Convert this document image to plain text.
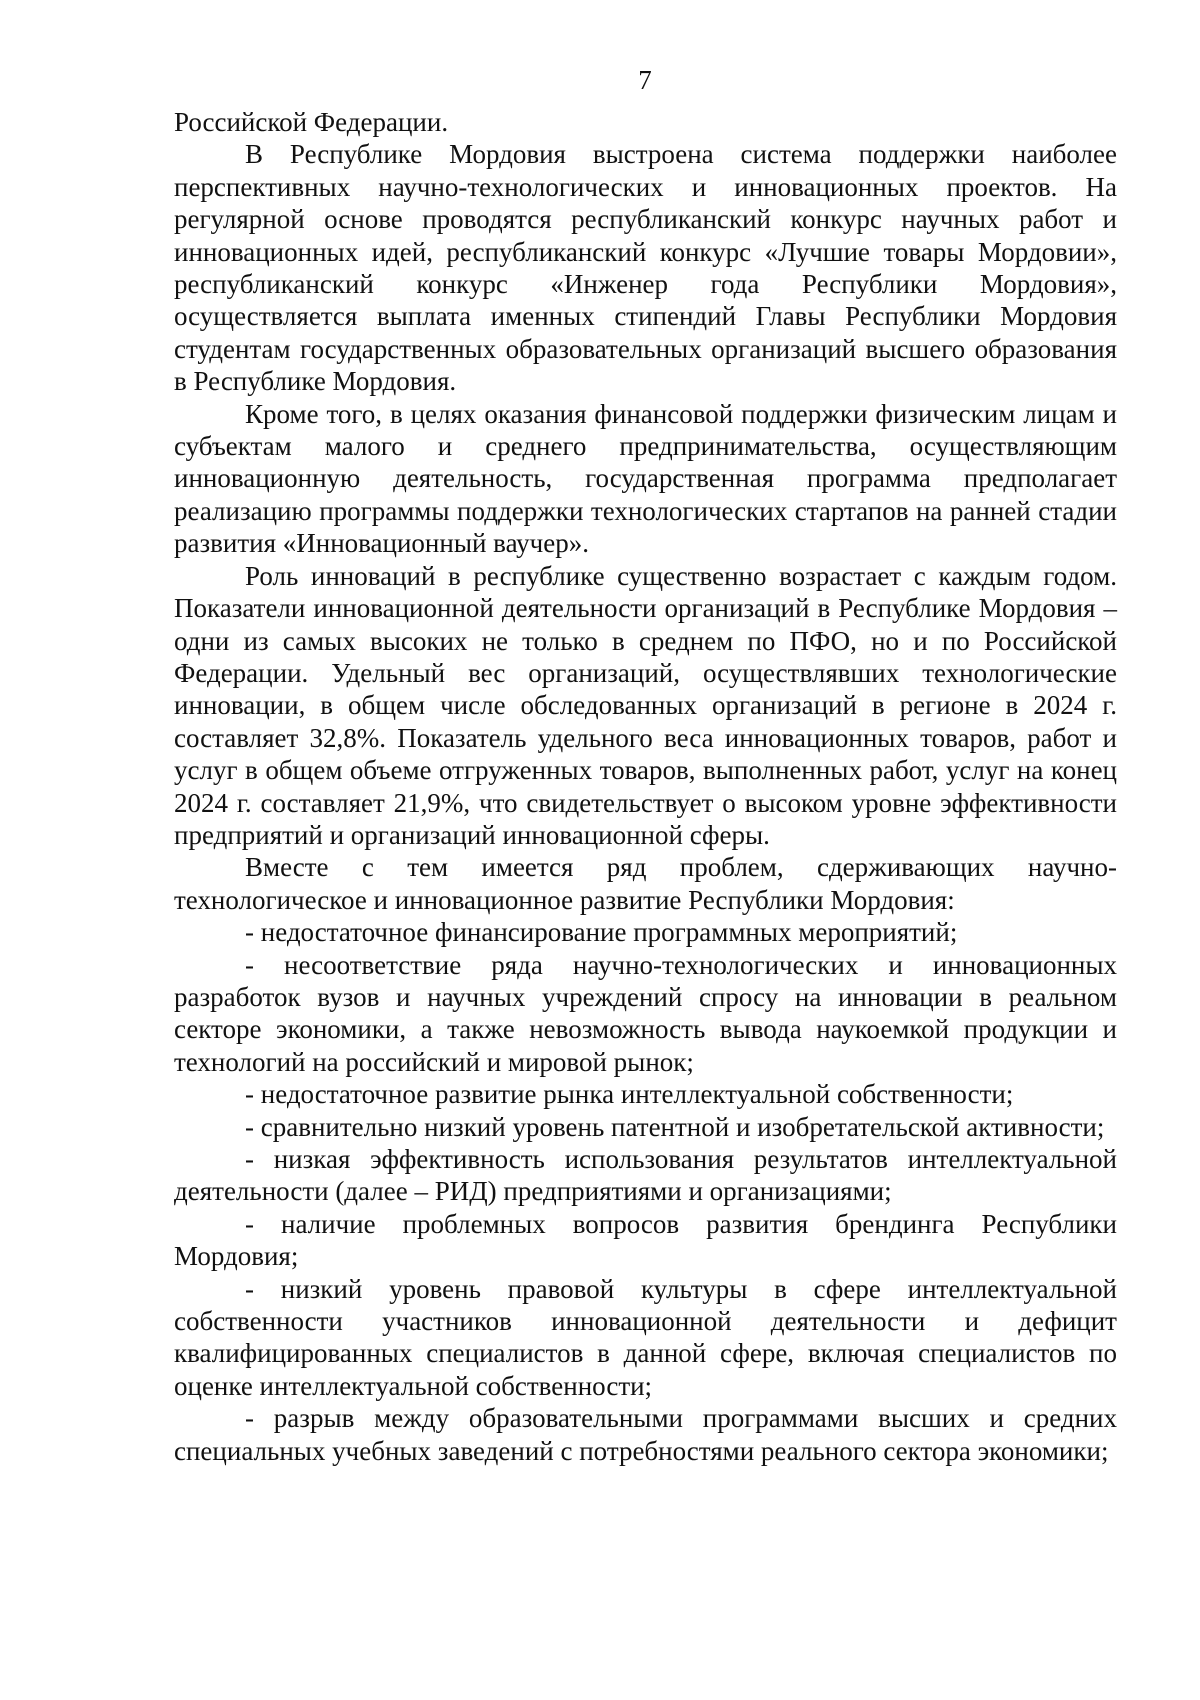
7

Российской Федерации.

В Республике Мордовия выстроена система поддержки наиболее перспективных научно-технологических и инновационных проектов. На регулярной основе проводятся республиканский конкурс научных работ и инновационных идей, республиканский конкурс «Лучшие товары Мордовии», республиканский конкурс «Инженер года Республики Мордовия», осуществляется выплата именных стипендий Главы Республики Мордовия студентам государственных образовательных организаций высшего образования в Республике Мордовия.

Кроме того, в целях оказания финансовой поддержки физическим лицам и субъектам малого и среднего предпринимательства, осуществляющим инновационную деятельность, государственная программа предполагает реализацию программы поддержки технологических стартапов на ранней стадии развития «Инновационный ваучер».

Роль инноваций в республике существенно возрастает с каждым годом. Показатели инновационной деятельности организаций в Республике Мордовия – одни из самых высоких не только в среднем по ПФО, но и по Российской Федерации. Удельный вес организаций, осуществлявших технологические инновации, в общем числе обследованных организаций в регионе в 2024 г. составляет 32,8%. Показатель удельного веса инновационных товаров, работ и услуг в общем объеме отгруженных товаров, выполненных работ, услуг на конец 2024 г. составляет 21,9%, что свидетельствует о высоком уровне эффективности предприятий и организаций инновационной сферы.

Вместе с тем имеется ряд проблем, сдерживающих научно-технологическое и инновационное развитие Республики Мордовия:

- недостаточное финансирование программных мероприятий;

- несоответствие ряда научно-технологических и инновационных разработок вузов и научных учреждений спросу на инновации в реальном секторе экономики, а также невозможность вывода наукоемкой продукции и технологий на российский и мировой рынок;

- недостаточное развитие рынка интеллектуальной собственности;

- сравнительно низкий уровень патентной и изобретательской активности;

- низкая эффективность использования результатов интеллектуальной деятельности (далее – РИД) предприятиями и организациями;

- наличие проблемных вопросов развития брендинга Республики Мордовия;

- низкий уровень правовой культуры в сфере интеллектуальной собственности участников инновационной деятельности и дефицит квалифицированных специалистов в данной сфере, включая специалистов по оценке интеллектуальной собственности;

- разрыв между образовательными программами высших и средних специальных учебных заведений с потребностями реального сектора экономики;
